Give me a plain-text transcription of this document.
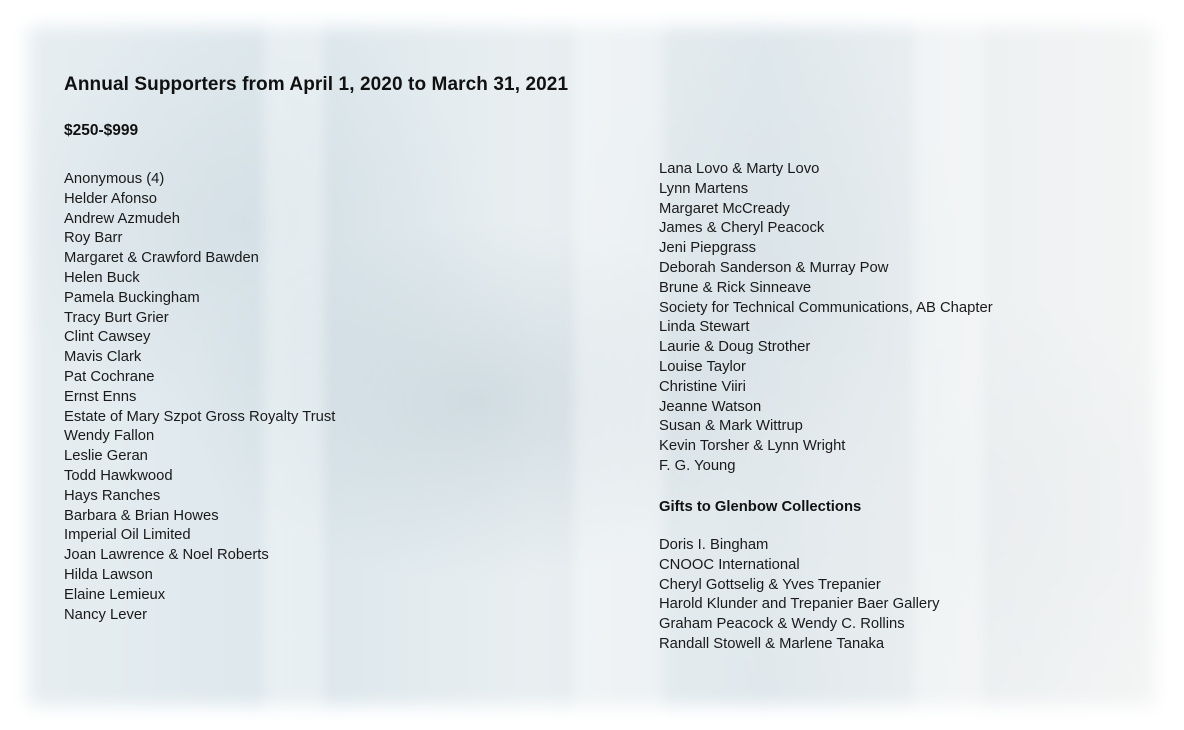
Annual Supporters from April 1, 2020 to March 31, 2021
$250-$999
Anonymous (4)
Helder Afonso
Andrew Azmudeh
Roy Barr
Margaret & Crawford Bawden
Helen Buck
Pamela Buckingham
Tracy Burt Grier
Clint Cawsey
Mavis Clark
Pat Cochrane
Ernst Enns
Estate of Mary Szpot Gross Royalty Trust
Wendy Fallon
Leslie Geran
Todd Hawkwood
Hays Ranches
Barbara & Brian Howes
Imperial Oil Limited
Joan Lawrence & Noel Roberts
Hilda Lawson
Elaine Lemieux
Nancy Lever
Lana Lovo & Marty Lovo
Lynn Martens
Margaret McCready
James & Cheryl Peacock
Jeni Piepgrass
Deborah Sanderson & Murray Pow
Brune & Rick Sinneave
Society for Technical Communications, AB Chapter
Linda Stewart
Laurie & Doug Strother
Louise Taylor
Christine Viiri
Jeanne Watson
Susan & Mark Wittrup
Kevin Torsher & Lynn Wright
F. G. Young
Gifts to Glenbow Collections
Doris I. Bingham
CNOOC International
Cheryl Gottselig & Yves Trepanier
Harold Klunder and Trepanier Baer Gallery
Graham Peacock & Wendy C. Rollins
Randall Stowell & Marlene Tanaka
